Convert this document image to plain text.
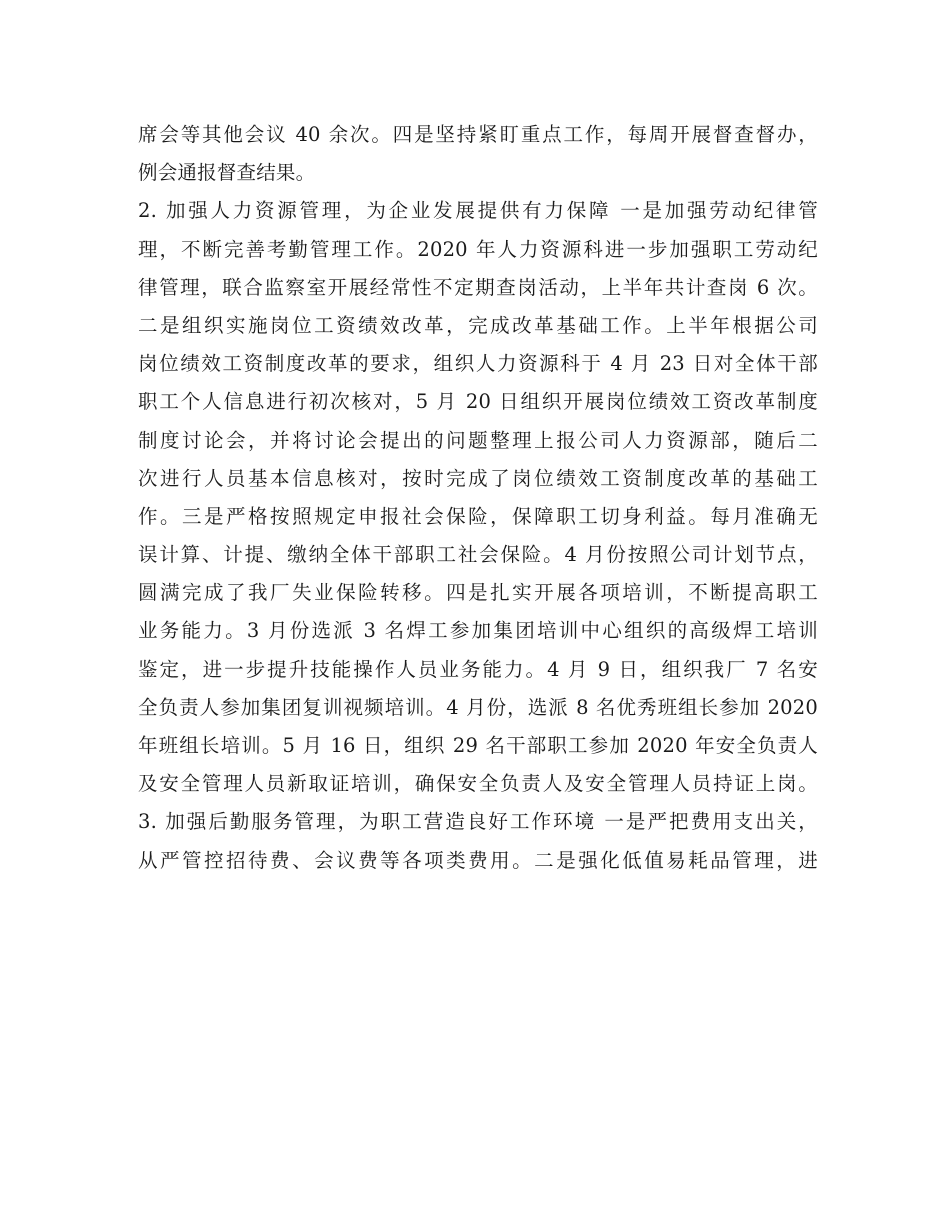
席会等其他会议 40 余次。四是坚持紧盯重点工作，每周开展督查督办，
例会通报督查结果。
2. 加强人力资源管理，为企业发展提供有力保障 一是加强劳动纪律管
理，不断完善考勤管理工作。2020 年人力资源科进一步加强职工劳动纪
律管理，联合监察室开展经常性不定期查岗活动，上半年共计查岗 6 次。
二是组织实施岗位工资绩效改革，完成改革基础工作。上半年根据公司
岗位绩效工资制度改革的要求，组织人力资源科于 4 月 23 日对全体干部
职工个人信息进行初次核对，5 月 20 日组织开展岗位绩效工资改革制度
制度讨论会，并将讨论会提出的问题整理上报公司人力资源部，随后二
次进行人员基本信息核对，按时完成了岗位绩效工资制度改革的基础工
作。三是严格按照规定申报社会保险，保障职工切身利益。每月准确无
误计算、计提、缴纳全体干部职工社会保险。4 月份按照公司计划节点，
圆满完成了我厂失业保险转移。四是扎实开展各项培训，不断提高职工
业务能力。3 月份选派 3 名焊工参加集团培训中心组织的高级焊工培训
鉴定，进一步提升技能操作人员业务能力。4 月 9 日，组织我厂 7 名安
全负责人参加集团复训视频培训。4 月份，选派 8 名优秀班组长参加 2020
年班组长培训。5 月 16 日，组织 29 名干部职工参加 2020 年安全负责人
及安全管理人员新取证培训，确保安全负责人及安全管理人员持证上岗。
3. 加强后勤服务管理，为职工营造良好工作环境 一是严把费用支出关，
从严管控招待费、会议费等各项类费用。二是强化低值易耗品管理，进
